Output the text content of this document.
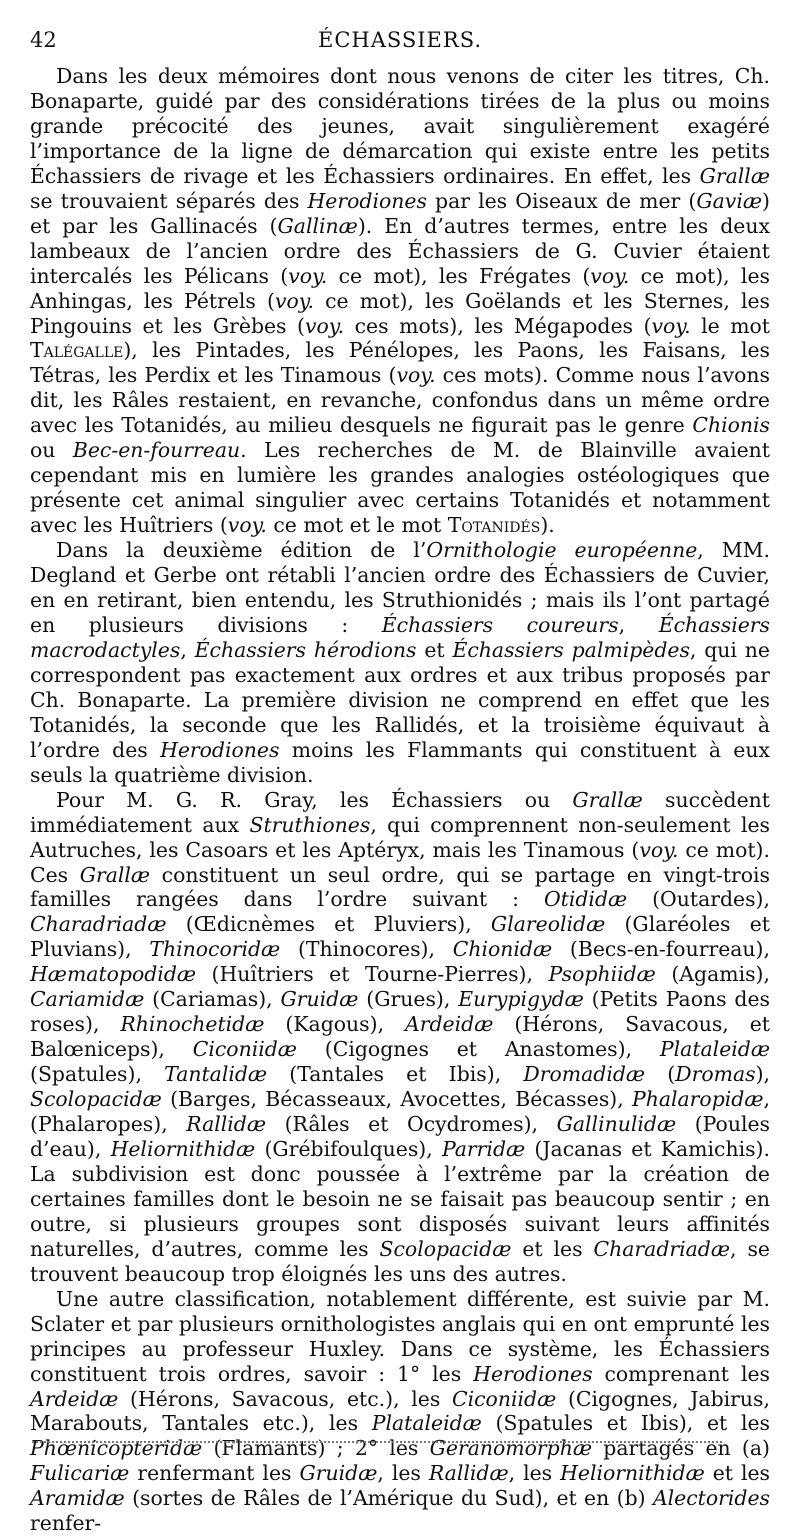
42	ÉCHASSIERS.

Dans les deux mémoires dont nous venons de citer les titres, Ch. Bonaparte, guidé par des considérations tirées de la plus ou moins grande précocité des jeunes, avait singulièrement exagéré l’importance de la ligne de démarcation qui existe entre les petits Échassiers de rivage et les Échassiers ordinaires. En effet, les Grallæ se trouvaient séparés des Herodiones par les Oiseaux de mer (Gaviæ) et par les Gallinacés (Gallinæ). En d’autres termes, entre les deux lambeaux de l’ancien ordre des Échassiers de G. Cuvier étaient intercalés les Pélicans (voy. ce mot), les Frégates (voy. ce mot), les Anhingas, les Pétrels (voy. ce mot), les Goëlands et les Sternes, les Pingouins et les Grèbes (voy. ces mots), les Mégapodes (voy. le mot Talégalle), les Pintades, les Pénélopes, les Paons, les Faisans, les Tétras, les Perdix et les Tinamous (voy. ces mots). Comme nous l’avons dit, les Râles restaient, en revanche, confondus dans un même ordre avec les Totanidés, au milieu desquels ne figurait pas le genre Chionis ou Bec-en-fourreau. Les recherches de M. de Blainville avaient cependant mis en lumière les grandes analogies ostéologiques que présente cet animal singulier avec certains Totanidés et notamment avec les Huîtriers (voy. ce mot et le mot Totanidés).

Dans la deuxième édition de l’Ornithologie européenne, MM. Degland et Gerbe ont rétabli l’ancien ordre des Échassiers de Cuvier, en en retirant, bien entendu, les Struthionidés ; mais ils l’ont partagé en plusieurs divisions : Échassiers coureurs, Échassiers macrodactyles, Échassiers hérodions et Échassiers palmipèdes, qui ne correspondent pas exactement aux ordres et aux tribus proposés par Ch. Bonaparte. La première division ne comprend en effet que les Totanidés, la seconde que les Rallidés, et la troisième équivaut à l’ordre des Herodiones moins les Flammants qui constituent à eux seuls la quatrième division.

Pour M. G. R. Gray, les Échassiers ou Grallæ succèdent immédiatement aux Struthiones, qui comprennent non-seulement les Autruches, les Casoars et les Aptéryx, mais les Tinamous (voy. ce mot). Ces Grallæ constituent un seul ordre, qui se partage en vingt-trois familles rangées dans l’ordre suivant : Otididæ (Outardes), Charadriadæ (Œdicnèmes et Pluviers), Glareolidæ (Glaréoles et Pluvians), Thinocoridæ (Thinocores), Chionidæ (Becs-en-fourreau), Hæmatopodidæ (Huîtriers et Tourne-Pierres), Psophiidæ (Agamis), Cariamidæ (Cariamas), Gruidæ (Grues), Eurypigydæ (Petits Paons des roses), Rhinochetidæ (Kagous), Ardeidæ (Hérons, Savacous, et Balœniceps), Ciconiidæ (Cigognes et Anastomes), Plataleidæ (Spatules), Tantalidæ (Tantales et Ibis), Dromadidæ (Dromas), Scolopacidæ (Barges, Bécasseaux, Avocettes, Bécasses), Phalaropidæ, (Phalaropes), Rallidæ (Râles et Ocydromes), Gallinulidæ (Poules d’eau), Heliornithidæ (Grébifoulques), Parridæ (Jacanas et Kamichis). La subdivision est donc poussée à l’extrême par la création de certaines familles dont le besoin ne se faisait pas beaucoup sentir ; en outre, si plusieurs groupes sont disposés suivant leurs affinités naturelles, d’autres, comme les Scolopacidæ et les Charadriadæ, se trouvent beaucoup trop éloignés les uns des autres.

Une autre classification, notablement différente, est suivie par M. Sclater et par plusieurs ornithologistes anglais qui en ont emprunté les principes au professeur Huxley. Dans ce système, les Échassiers constituent trois ordres, savoir : 1° les Herodiones comprenant les Ardeidæ (Hérons, Savacous, etc.), les Ciconiidæ (Cigognes, Jabirus, Marabouts, Tantales etc.), les Plataleidæ (Spatules et Ibis), et les Phœnicopteridæ (Flamants) ; 2° les Geranomorphæ partagés en (a) Fulicariæ renfermant les Gruidæ, les Rallidæ, les Heliornithidæ et les Aramidæ (sortes de Râles de l’Amérique du Sud), et en (b) Alectorides renfer-
